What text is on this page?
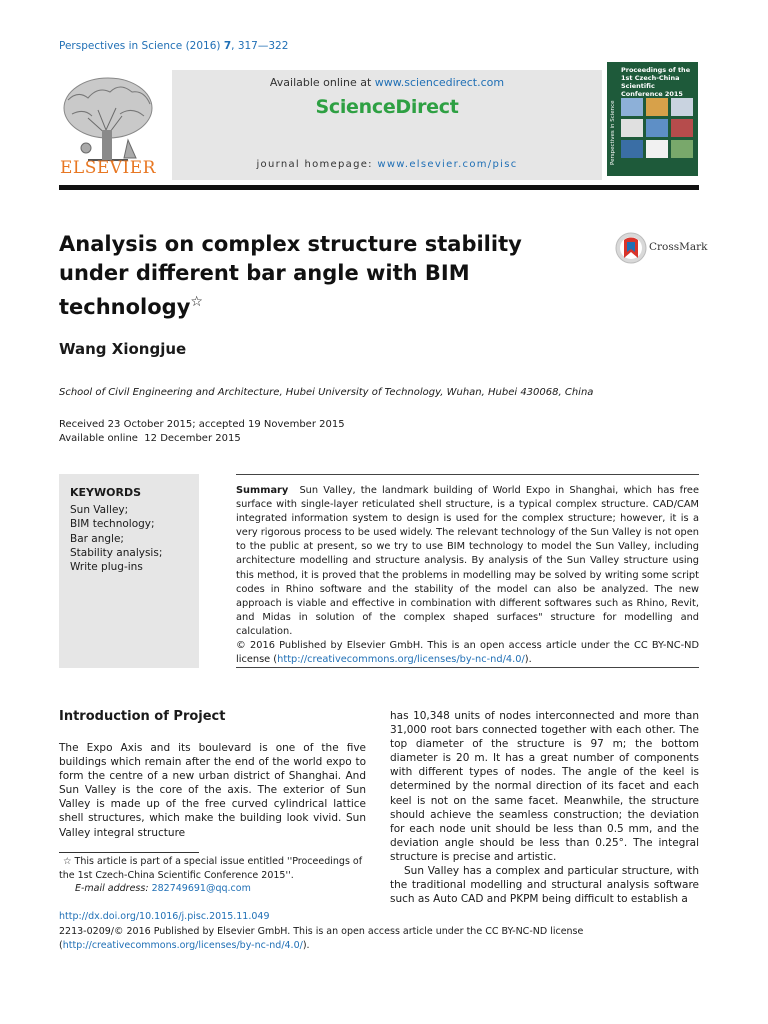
Perspectives in Science (2016) 7, 317—322
ELSEVIER
Available online at www.sciencedirect.com
ScienceDirect
journal homepage: www.elsevier.com/pisc
Proceedings of the 1st Czech-China Scientific Conference 2015
Perspectives in Science
Analysis on complex structure stability under different bar angle with BIM technology☆
CrossMark
Wang Xiongjue
School of Civil Engineering and Architecture, Hubei University of Technology, Wuhan, Hubei 430068, China
Received 23 October 2015; accepted 19 November 2015
Available online  12 December 2015
KEYWORDS
Sun Valley;
BIM technology;
Bar angle;
Stability analysis;
Write plug-ins
Summary Sun Valley, the landmark building of World Expo in Shanghai, which has free surface with single-layer reticulated shell structure, is a typical complex structure. CAD/CAM integrated information system to design is used for the complex structure; however, it is a very rigorous process to be used widely. The relevant technology of the Sun Valley is not open to the public at present, so we try to use BIM technology to model the Sun Valley, including architecture modelling and structure analysis. By analysis of the Sun Valley structure using this method, it is proved that the problems in modelling may be solved by writing some script codes in Rhino software and the stability of the model can also be analyzed. The new approach is viable and effective in combination with different softwares such as Rhino, Revit, and Midas in solution of the complex shaped surfaces" structure for modelling and calculation.
© 2016 Published by Elsevier GmbH. This is an open access article under the CC BY-NC-ND license (http://creativecommons.org/licenses/by-nc-nd/4.0/).
Introduction of Project
The Expo Axis and its boulevard is one of the five buildings which remain after the end of the world expo to form the centre of a new urban district of Shanghai. And Sun Valley is the core of the axis. The exterior of Sun Valley is made up of the free curved cylindrical lattice shell structures, which make the building look vivid. Sun Valley integral structure

has 10,348 units of nodes interconnected and more than 31,000 root bars connected together with each other. The top diameter of the structure is 97 m; the bottom diameter is 20 m. It has a great number of components with different types of nodes. The angle of the keel is determined by the normal direction of its facet and each keel is not on the same facet. Meanwhile, the structure should achieve the seamless construction; the deviation for each node unit should be less than 0.5 mm, and the deviation angle should be less than 0.25°. The integral structure is precise and artistic.

Sun Valley has a complex and particular structure, with the traditional modelling and structural analysis software such as Auto CAD and PKPM being difficult to establish a

☆ This article is part of a special issue entitled ''Proceedings of the 1st Czech-China Scientific Conference 2015''.
E-mail address: 282749691@qq.com
http://dx.doi.org/10.1016/j.pisc.2015.11.049
2213-0209/© 2016 Published by Elsevier GmbH. This is an open access article under the CC BY-NC-ND license (http://creativecommons.org/licenses/by-nc-nd/4.0/).
